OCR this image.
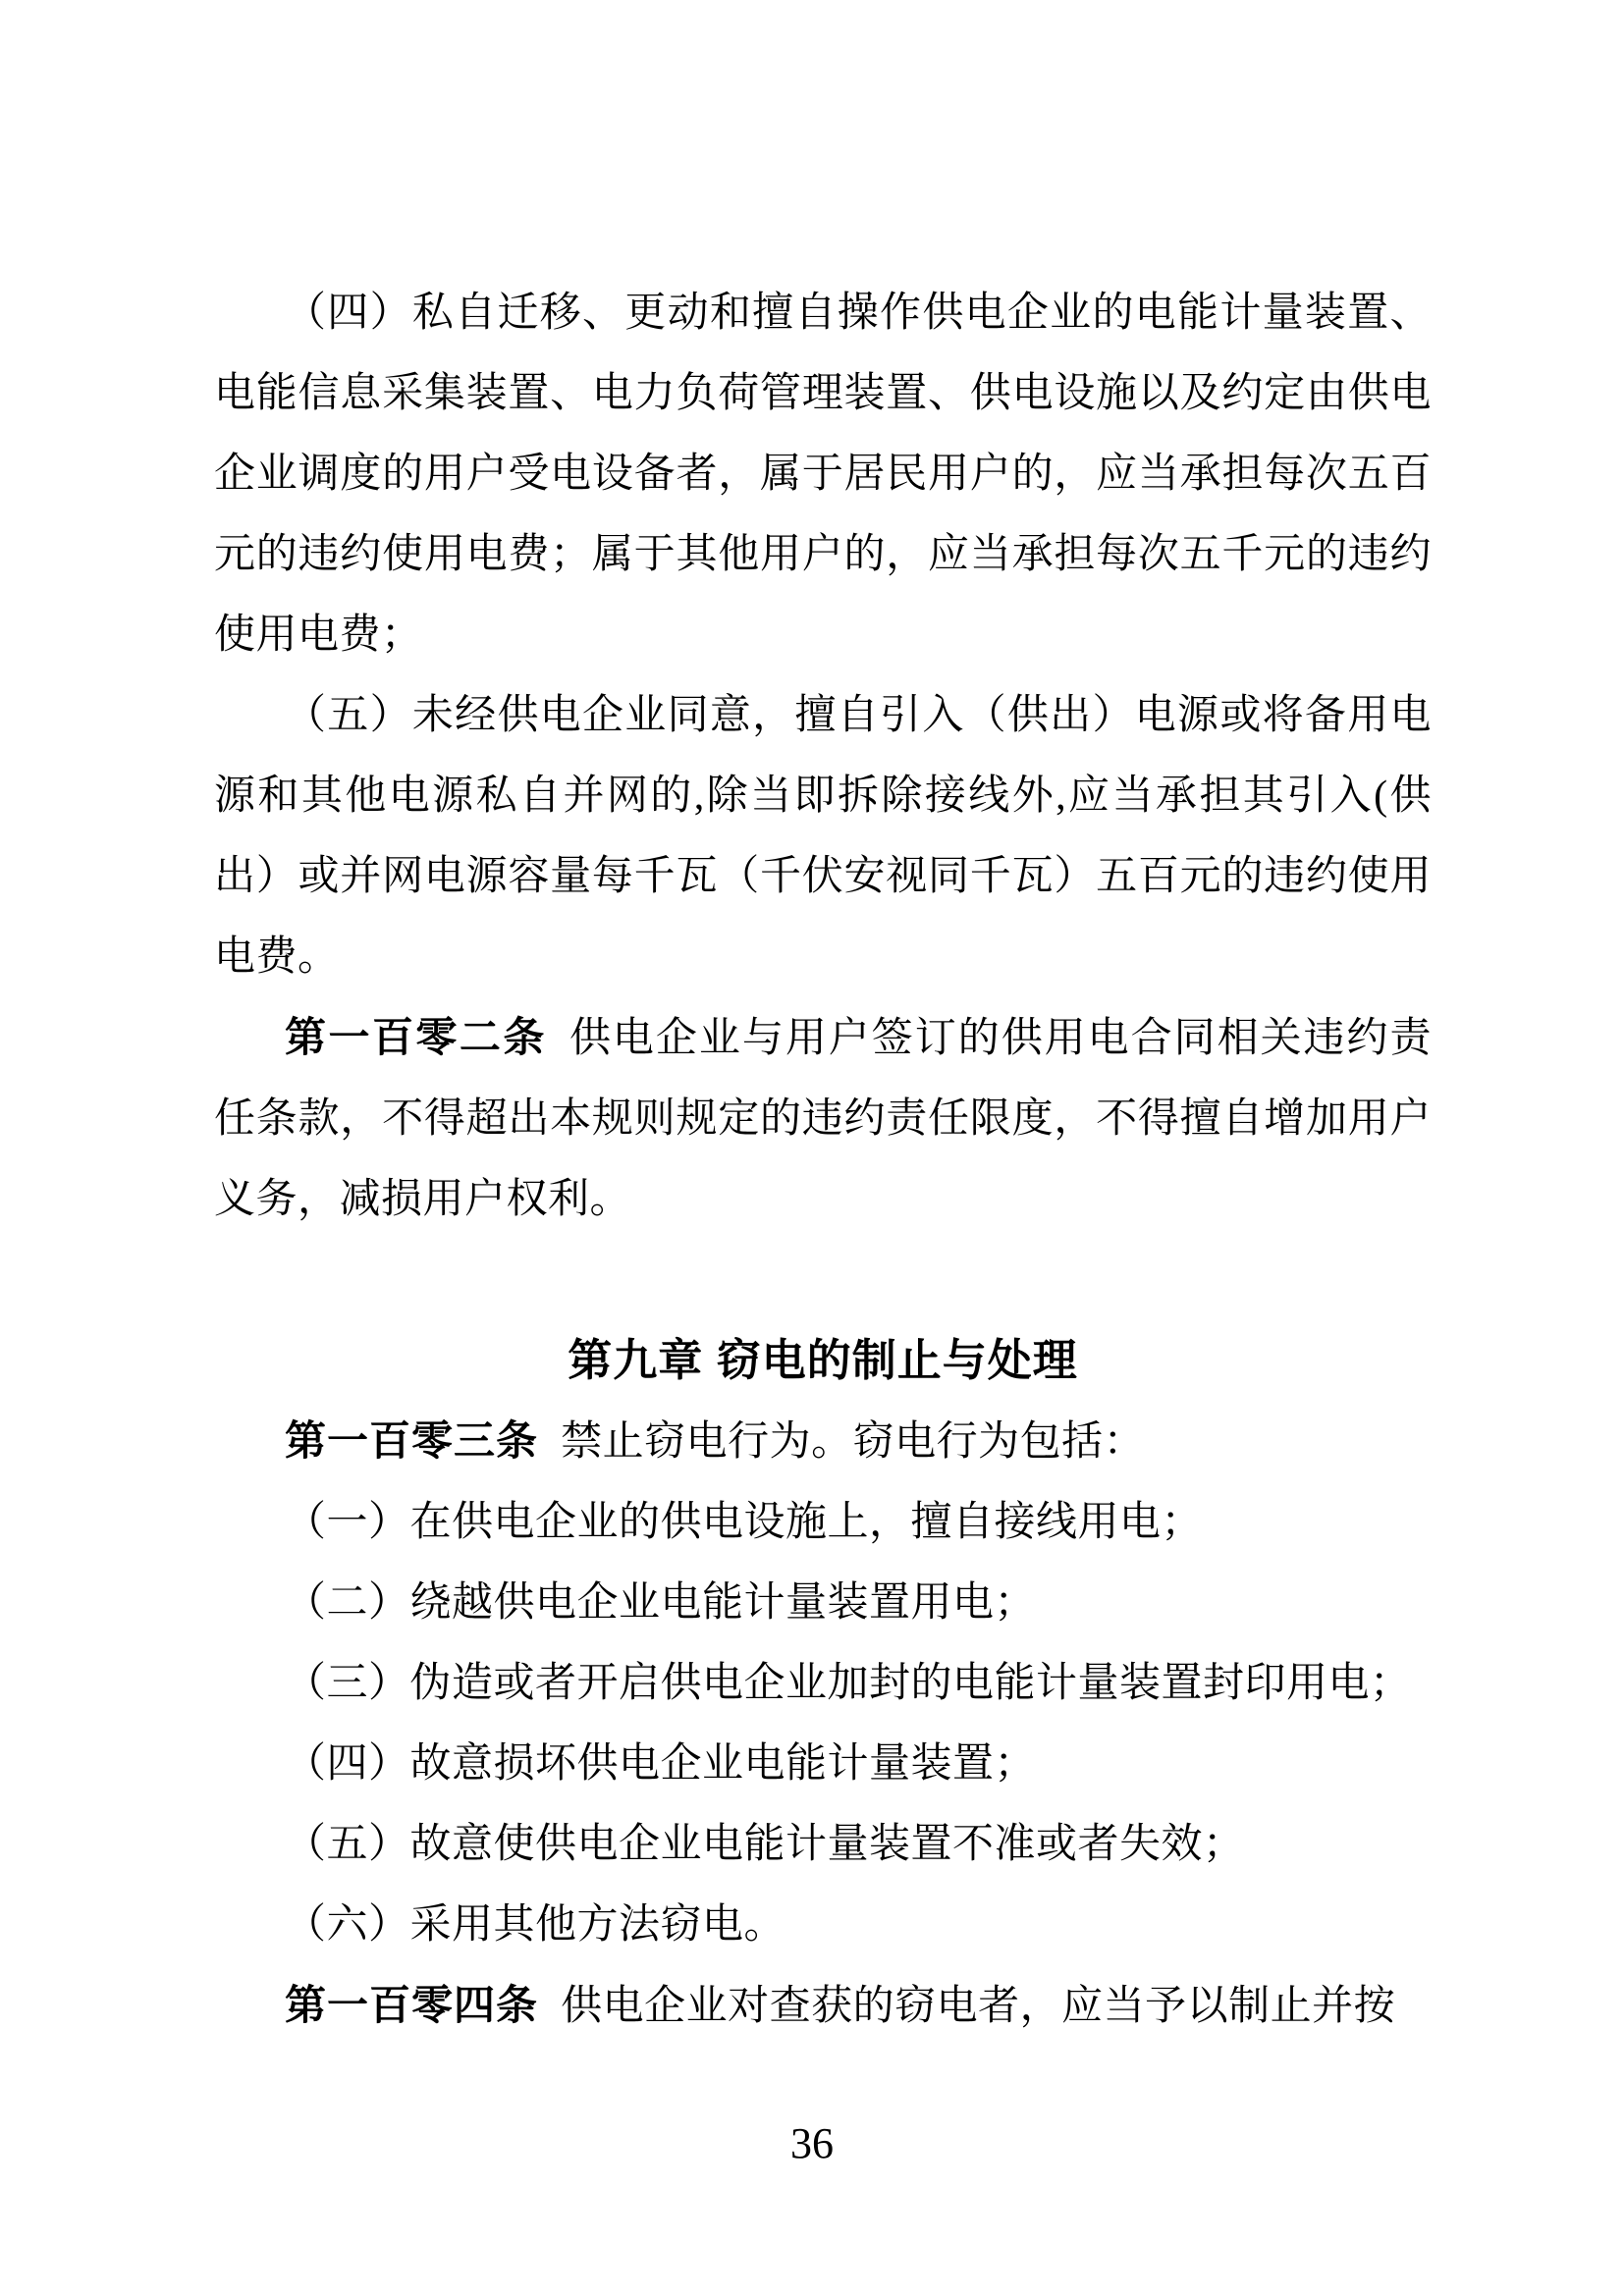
（四）私自迁移、更动和擅自操作供电企业的电能计量装置、电能信息采集装置、电力负荷管理装置、供电设施以及约定由供电企业调度的用户受电设备者，属于居民用户的，应当承担每次五百元的违约使用电费；属于其他用户的，应当承担每次五千元的违约使用电费；

（五）未经供电企业同意，擅自引入（供出）电源或将备用电源和其他电源私自并网的,除当即拆除接线外,应当承担其引入(供出）或并网电源容量每千瓦（千伏安视同千瓦）五百元的违约使用电费。

第一百零二条 供电企业与用户签订的供用电合同相关违约责任条款，不得超出本规则规定的违约责任限度，不得擅自增加用户义务，减损用户权利。

第九章 窃电的制止与处理

第一百零三条 禁止窃电行为。窃电行为包括：

（一）在供电企业的供电设施上，擅自接线用电；

（二）绕越供电企业电能计量装置用电；

（三）伪造或者开启供电企业加封的电能计量装置封印用电；

（四）故意损坏供电企业电能计量装置；

（五）故意使供电企业电能计量装置不准或者失效；

（六）采用其他方法窃电。

第一百零四条 供电企业对查获的窃电者，应当予以制止并按

36
